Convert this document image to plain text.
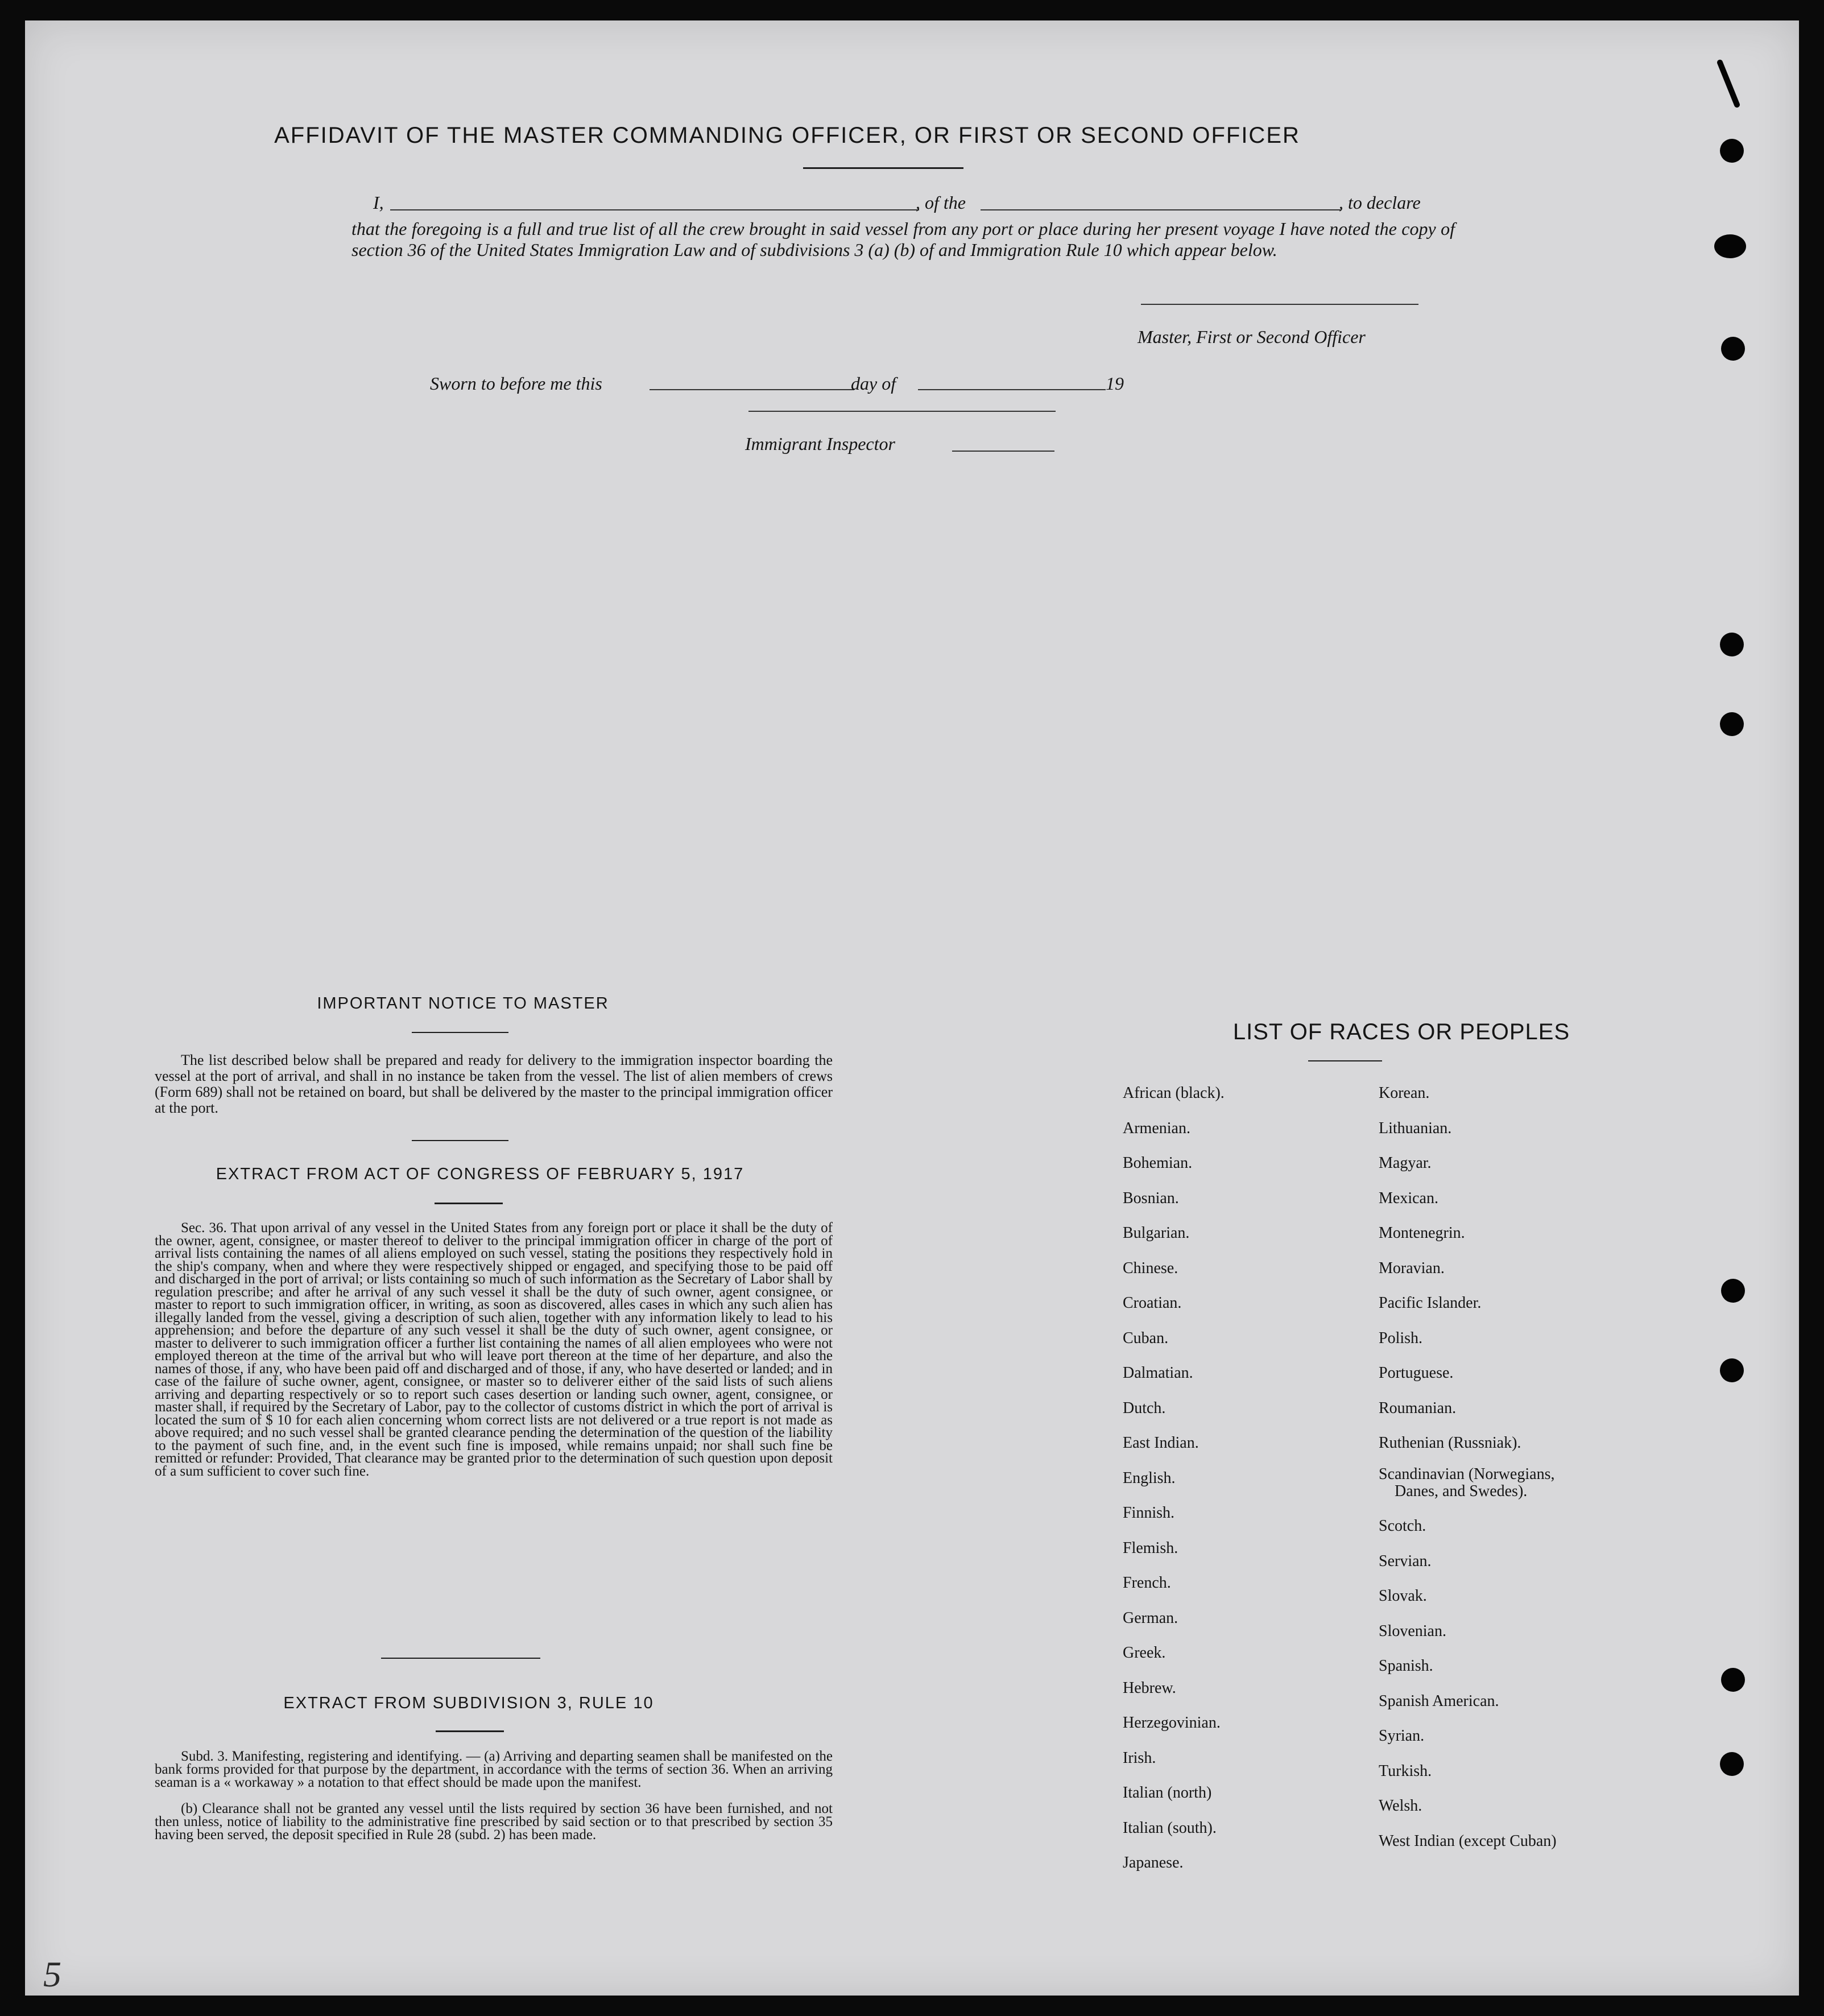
AFFIDAVIT OF THE MASTER COMMANDING OFFICER, OR FIRST OR SECOND OFFICER
I,	, of the	, to declare
that the foregoing is a full and true list of all the crew brought in said vessel from any port or place during her present voyage I have noted the copy of section 36 of the United States Immigration Law and of subdivisions 3 (a) (b) of and Immigration Rule 10 which appear below.
Master, First or Second Officer
Sworn to before me this	day of	19
Immigrant Inspector
IMPORTANT NOTICE TO MASTER
The list described below shall be prepared and ready for delivery to the immigration inspector boarding the vessel at the port of arrival, and shall in no instance be taken from the vessel. The list of alien members of crews (Form 689) shall not be retained on board, but shall be delivered by the master to the principal immigration officer at the port.
EXTRACT FROM ACT OF CONGRESS OF FEBRUARY 5, 1917
Sec. 36. That upon arrival of any vessel in the United States from any foreign port or place it shall be the duty of the owner, agent, consignee, or master thereof to deliver to the principal immigration officer in charge of the port of arrival lists containing the names of all aliens employed on such vessel, stating the positions they respectively hold in the ship's company, when and where they were respectively shipped or engaged, and specifying those to be paid off and discharged in the port of arrival; or lists containing so much of such information as the Secretary of Labor shall by regulation prescribe; and after he arrival of any such vessel it shall be the duty of such owner, agent consignee, or master to report to such immigration officer, in writing, as soon as discovered, alles cases in which any such alien has illegally landed from the vessel, giving a description of such alien, together with any information likely to lead to his apprehension; and before the departure of any such vessel it shall be the duty of such owner, agent consignee, or master to deliverer to such immigration officer a further list containing the names of all alien employees who were not employed thereon at the time of the arrival but who will leave port thereon at the time of her departure, and also the names of those, if any, who have been paid off and discharged and of those, if any, who have deserted or landed; and in case of the failure of suche owner, agent, consignee, or master so to deliverer either of the said lists of such aliens arriving and departing respectively or so to report such cases desertion or landing such owner, agent, consignee, or master shall, if required by the Secretary of Labor, pay to the collector of customs district in which the port of arrival is located the sum of $ 10 for each alien concerning whom correct lists are not delivered or a true report is not made as above required; and no such vessel shall be granted clearance pending the determination of the question of the liability to the payment of such fine, and, in the event such fine is imposed, while remains unpaid; nor shall such fine be remitted or refunder: Provided, That clearance may be granted prior to the determination of such question upon deposit of a sum sufficient to cover such fine.
EXTRACT FROM SUBDIVISION 3, RULE 10
Subd. 3. Manifesting, registering and identifying. — (a) Arriving and departing seamen shall be manifested on the bank forms provided for that purpose by the department, in accordance with the terms of section 36. When an arriving seaman is a « workaway » a notation to that effect should be made upon the manifest.
(b) Clearance shall not be granted any vessel until the lists required by section 36 have been furnished, and not then unless, notice of liability to the administrative fine prescribed by said section or to that prescribed by section 35 having been served, the deposit specified in Rule 28 (subd. 2) has been made.
LIST OF RACES OR PEOPLES
African (black).
Armenian.
Bohemian.
Bosnian.
Bulgarian.
Chinese.
Croatian.
Cuban.
Dalmatian.
Dutch.
East Indian.
English.
Finnish.
Flemish.
French.
German.
Greek.
Hebrew.
Herzegovinian.
Irish.
Italian (north)
Italian (south).
Japanese.
Korean.
Lithuanian.
Magyar.
Mexican.
Montenegrin.
Moravian.
Pacific Islander.
Polish.
Portuguese.
Roumanian.
Ruthenian (Russniak).
Scandinavian (Norwegians,
Danes, and Swedes).
Scotch.
Servian.
Slovak.
Slovenian.
Spanish.
Spanish American.
Syrian.
Turkish.
Welsh.
West Indian (except Cuban)
5
